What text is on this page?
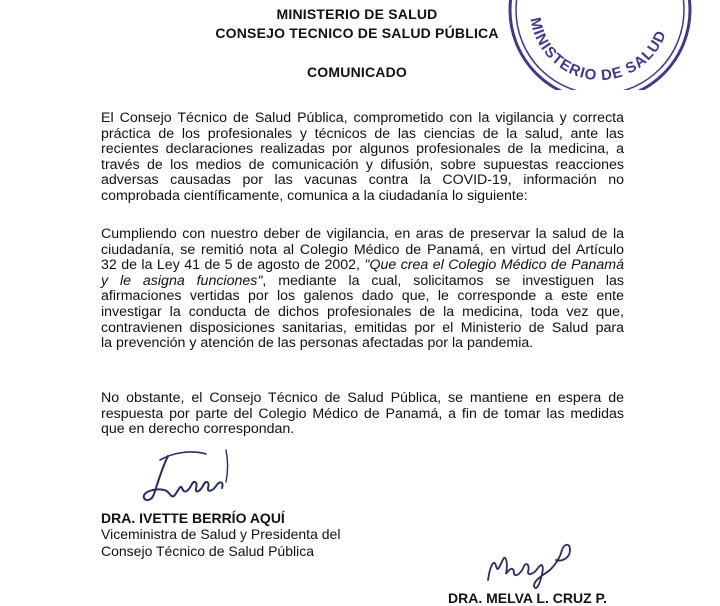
MINISTERIO DE SALUD
CONSEJO TECNICO DE SALUD PÚBLICA
COMUNICADO
MINISTERIO DE SALUD
El Consejo Técnico de Salud Pública, comprometido con la vigilancia y correcta
práctica de los profesionales y técnicos de las ciencias de la salud, ante las
recientes declaraciones realizadas por algunos profesionales de la medicina, a
través de los medios de comunicación y difusión, sobre supuestas reacciones
adversas causadas por las vacunas contra la COVID-19, información no
comprobada científicamente, comunica a la ciudadanía lo siguiente:
Cumpliendo con nuestro deber de vigilancia, en aras de preservar la salud de la
ciudadanía, se remitió nota al Colegio Médico de Panamá, en virtud del Artículo
32 de la Ley 41 de 5 de agosto de 2002, "Que crea el Colegio Médico de Panamá
y le asigna funciones", mediante la cual, solicitamos se investiguen las
afirmaciones vertidas por los galenos dado que, le corresponde a este ente
investigar la conducta de dichos profesionales de la medicina, toda vez que,
contravienen disposiciones sanitarias, emitidas por el Ministerio de Salud para
la prevención y atención de las personas afectadas por la pandemia.
No obstante, el Consejo Técnico de Salud Pública, se mantiene en espera de
respuesta por parte del Colegio Médico de Panamá, a fin de tomar las medidas
que en derecho correspondan.
DRA. IVETTE BERRÍO AQUÍ
Viceministra de Salud y Presidenta del
Consejo Técnico de Salud Pública
DRA. MELVA L. CRUZ P.
